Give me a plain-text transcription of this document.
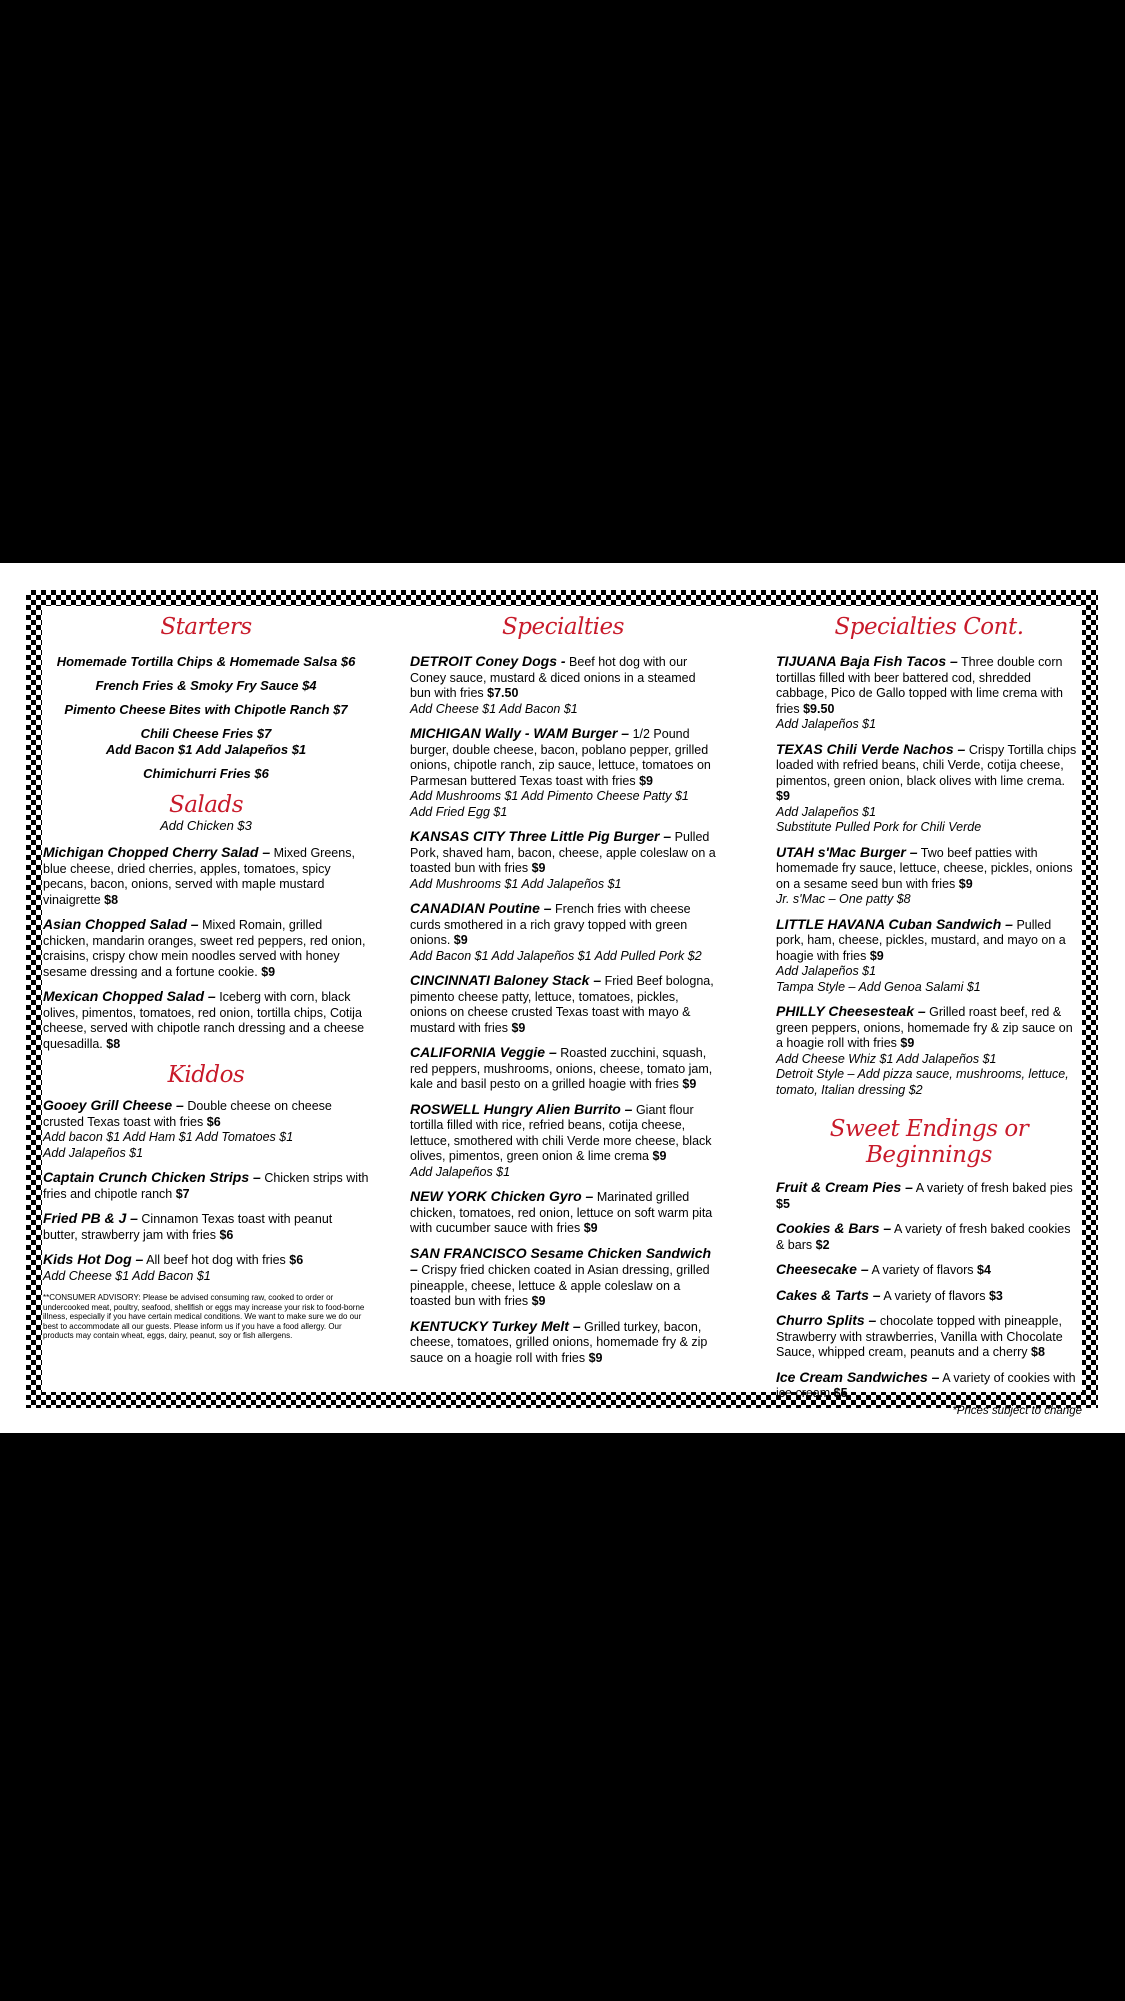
Starters
Homemade Tortilla Chips & Homemade Salsa $6
French Fries & Smoky Fry Sauce $4
Pimento Cheese Bites with Chipotle Ranch $7
Chili Cheese Fries $7
Add Bacon $1 Add Jalapeños $1
Chimichurri Fries $6
Salads
Add Chicken $3
Michigan Chopped Cherry Salad – Mixed Greens, blue cheese, dried cherries, apples, tomatoes, spicy pecans, bacon, onions, served with maple mustard vinaigrette $8
Asian Chopped Salad – Mixed Romain, grilled chicken, mandarin oranges, sweet red peppers, red onion, craisins, crispy chow mein noodles served with honey sesame dressing and a fortune cookie. $9
Mexican Chopped Salad – Iceberg with corn, black olives, pimentos, tomatoes, red onion, tortilla chips, Cotija cheese, served with chipotle ranch dressing and a cheese quesadilla. $8
Kiddos
Gooey Grill Cheese – Double cheese on cheese crusted Texas toast with fries $6
Add bacon $1 Add Ham $1 Add Tomatoes $1
Add Jalapeños $1
Captain Crunch Chicken Strips – Chicken strips with fries and chipotle ranch $7
Fried PB & J – Cinnamon Texas toast with peanut butter, strawberry jam with fries $6
Kids Hot Dog – All beef hot dog with fries $6
Add Cheese $1 Add Bacon $1
**CONSUMER ADVISORY: Please be advised consuming raw, cooked to order or undercooked meat, poultry, seafood, shellfish or eggs may increase your risk to food-borne illness, especially if you have certain medical conditions. We want to make sure we do our best to accommodate all our guests. Please inform us if you have a food allergy. Our products may contain wheat, eggs, dairy, peanut, soy or fish allergens.
Specialties
DETROIT Coney Dogs - Beef hot dog with our Coney sauce, mustard & diced onions in a steamed bun with fries $7.50
Add Cheese $1 Add Bacon $1
MICHIGAN Wally - WAM Burger – 1/2 Pound burger, double cheese, bacon, poblano pepper, grilled onions, chipotle ranch, zip sauce, lettuce, tomatoes on Parmesan buttered Texas toast with fries $9
Add Mushrooms $1 Add Pimento Cheese Patty $1
Add Fried Egg $1
KANSAS CITY Three Little Pig Burger – Pulled Pork, shaved ham, bacon, cheese, apple coleslaw on a toasted bun with fries $9
Add Mushrooms $1 Add Jalapeños $1
CANADIAN Poutine – French fries with cheese curds smothered in a rich gravy topped with green onions. $9
Add Bacon $1 Add Jalapeños $1 Add Pulled Pork $2
CINCINNATI Baloney Stack – Fried Beef bologna, pimento cheese patty, lettuce, tomatoes, pickles, onions on cheese crusted Texas toast with mayo & mustard with fries $9
CALIFORNIA Veggie – Roasted zucchini, squash, red peppers, mushrooms, onions, cheese, tomato jam, kale and basil pesto on a grilled hoagie with fries $9
ROSWELL Hungry Alien Burrito – Giant flour tortilla filled with rice, refried beans, cotija cheese, lettuce, smothered with chili Verde more cheese, black olives, pimentos, green onion & lime crema $9
Add Jalapeños $1
NEW YORK Chicken Gyro – Marinated grilled chicken, tomatoes, red onion, lettuce on soft warm pita with cucumber sauce with fries $9
SAN FRANCISCO Sesame Chicken Sandwich – Crispy fried chicken coated in Asian dressing, grilled pineapple, cheese, lettuce & apple coleslaw on a toasted bun with fries $9
KENTUCKY Turkey Melt – Grilled turkey, bacon, cheese, tomatoes, grilled onions, homemade fry & zip sauce on a hoagie roll with fries $9
Specialties Cont.
TIJUANA Baja Fish Tacos – Three double corn tortillas filled with beer battered cod, shredded cabbage, Pico de Gallo topped with lime crema with fries $9.50
Add Jalapeños $1
TEXAS Chili Verde Nachos – Crispy Tortilla chips loaded with refried beans, chili Verde, cotija cheese, pimentos, green onion, black olives with lime crema. $9
Add Jalapeños $1
Substitute Pulled Pork for Chili Verde
UTAH s'Mac Burger – Two beef patties with homemade fry sauce, lettuce, cheese, pickles, onions on a sesame seed bun with fries $9
Jr. s'Mac – One patty $8
LITTLE HAVANA Cuban Sandwich – Pulled pork, ham, cheese, pickles, mustard, and mayo on a hoagie with fries $9
Add Jalapeños $1
Tampa Style – Add Genoa Salami $1
PHILLY Cheesesteak – Grilled roast beef, red & green peppers, onions, homemade fry & zip sauce on a hoagie roll with fries $9
Add Cheese Whiz $1 Add Jalapeños $1
Detroit Style – Add pizza sauce, mushrooms, lettuce, tomato, Italian dressing $2
Sweet Endings or Beginnings
Fruit & Cream Pies – A variety of fresh baked pies $5
Cookies & Bars – A variety of fresh baked cookies & bars $2
Cheesecake – A variety of flavors $4
Cakes & Tarts – A variety of flavors $3
Churro Splits – chocolate topped with pineapple, Strawberry with strawberries, Vanilla with Chocolate Sauce, whipped cream, peanuts and a cherry $8
Ice Cream Sandwiches – A variety of cookies with ice cream $5
*Prices subject to change
